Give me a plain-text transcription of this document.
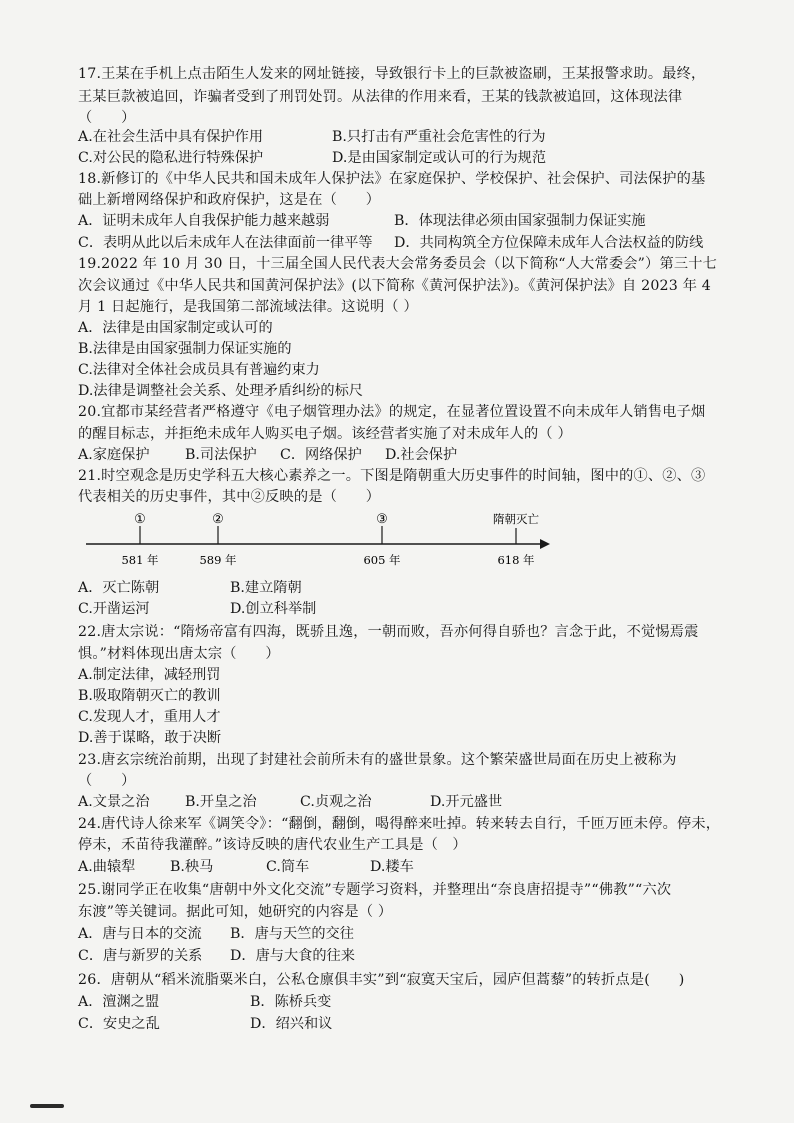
17.王某在手机上点击陌生人发来的网址链接，导致银行卡上的巨款被盗刷，王某报警求助。最终，
王某巨款被追回，诈骗者受到了刑罚处罚。从法律的作用来看，王某的钱款被追回，这体现法律
（　　）
A.在社会生活中具有保护作用	B.只打击有严重社会危害性的行为
C.对公民的隐私进行特殊保护	D.是由国家制定或认可的行为规范
18.新修订的《中华人民共和国未成年人保护法》在家庭保护、学校保护、社会保护、司法保护的基
础上新增网络保护和政府保护，这是在（　　）
A．证明未成年人自我保护能力越来越弱	B．体现法律必须由国家强制力保证实施
C．表明从此以后未成年人在法律面前一律平等 D．共同构筑全方位保障未成年人合法权益的防线
19.2022 年 10 月 30 日，十三届全国人民代表大会常务委员会（以下简称“人大常委会”）第三十七
次会议通过《中华人民共和国黄河保护法》(以下简称《黄河保护法》)。《黄河保护法》自 2023 年 4
月 1 日起施行，是我国第二部流域法律。这说明（ ）
A．法律是由国家制定或认可的
B.法律是由国家强制力保证实施的
C.法律对全体社会成员具有普遍约束力
D.法律是调整社会关系、处理矛盾纠纷的标尺
20.宜都市某经营者严格遵守《电子烟管理办法》的规定，在显著位置设置不向未成年人销售电子烟
的醒目标志，并拒绝未成年人购买电子烟。该经营者实施了对未成年人的（ ）
A.家庭保护 B.司法保护 C．网络保护 D.社会保护
21.时空观念是历史学科五大核心素养之一。下图是隋朝重大历史事件的时间轴，图中的①、②、③
代表相关的历史事件，其中②反映的是（　　）
①	②	③	隋朝灭亡
581 年	589 年	605 年	618 年
A．灭亡陈朝	B.建立隋朝
C.开凿运河	D.创立科举制
22.唐太宗说：“隋炀帝富有四海，既骄且逸，一朝而败，吾亦何得自骄也？言念于此，不觉惕焉震
惧。”材料体现出唐太宗（　　）
A.制定法律，减轻刑罚
B.吸取隋朝灭亡的教训
C.发现人才，重用人才
D.善于谋略，敢于决断
23.唐玄宗统治前期，出现了封建社会前所未有的盛世景象。这个繁荣盛世局面在历史上被称为
（　　）
A.文景之治 B.开皇之治	C.贞观之治	D.开元盛世
24.唐代诗人徐来军《调笑令》：“翻倒，翻倒，喝得醉来吐掉。转来转去自行，千匝万匝未停。停未，
停未，禾苗待我灌醉。”该诗反映的唐代农业生产工具是（　）
A.曲辕犁 B.秧马	C.筒车	D.耧车
25.谢同学正在收集“唐朝中外文化交流”专题学习资料，并整理出“奈良唐招提寺”“佛教”“六次
东渡”等关键词。据此可知，她研究的内容是（ ）
A．唐与日本的交流 B．唐与天竺的交往
C．唐与新罗的关系 D．唐与大食的往来
26．唐朝从“稻米流脂粟米白，公私仓廪俱丰实”到“寂寞天宝后，园庐但蒿藜”的转折点是(　　)
A．澶渊之盟	B．陈桥兵变
C．安史之乱	D．绍兴和议
